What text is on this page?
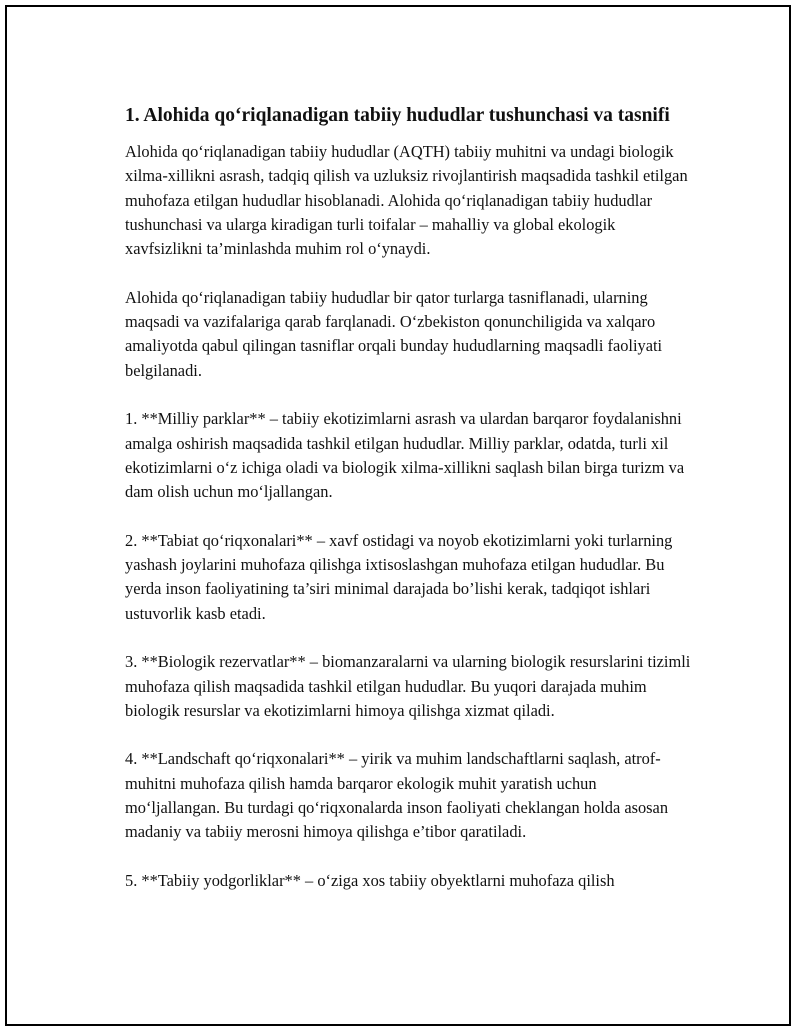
1. Alohida qo‘riqlanadigan tabiiy hududlar tushunchasi va tasnifi

Alohida qo‘riqlanadigan tabiiy hududlar (AQTH) tabiiy muhitni va undagi biologik xilma-xillikni asrash, tadqiq qilish va uzluksiz rivojlantirish maqsadida tashkil etilgan muhofaza etilgan hududlar hisoblanadi. Alohida qo‘riqlanadigan tabiiy hududlar tushunchasi va ularga kiradigan turli toifalar – mahalliy va global ekologik xavfsizlikni ta’minlashda muhim rol o‘ynaydi.

Alohida qo‘riqlanadigan tabiiy hududlar bir qator turlarga tasniflanadi, ularning maqsadi va vazifalariga qarab farqlanadi. O‘zbekiston qonunchiligida va xalqaro amaliyotda qabul qilingan tasniflar orqali bunday hududlarning maqsadli faoliyati belgilanadi.

1. **Milliy parklar** – tabiiy ekotizimlarni asrash va ulardan barqaror foydalanishni amalga oshirish maqsadida tashkil etilgan hududlar. Milliy parklar, odatda, turli xil ekotizimlarni o‘z ichiga oladi va biologik xilma-xillikni saqlash bilan birga turizm va dam olish uchun mo‘ljallangan.

2. **Tabiat qo‘riqxonalari** – xavf ostidagi va noyob ekotizimlarni yoki turlarning yashash joylarini muhofaza qilishga ixtisoslashgan muhofaza etilgan hududlar. Bu yerda inson faoliyatining ta’siri minimal darajada bo’lishi kerak, tadqiqot ishlari ustuvorlik kasb etadi.

3. **Biologik rezervatlar** – biomanzaralarni va ularning biologik resurslarini tizimli muhofaza qilish maqsadida tashkil etilgan hududlar. Bu yuqori darajada muhim biologik resurslar va ekotizimlarni himoya qilishga xizmat qiladi.

4. **Landschaft qo‘riqxonalari** – yirik va muhim landschaftlarni saqlash, atrof-muhitni muhofaza qilish hamda barqaror ekologik muhit yaratish uchun mo‘ljallangan. Bu turdagi qo‘riqxonalarda inson faoliyati cheklangan holda asosan madaniy va tabiiy merosni himoya qilishga e’tibor qaratiladi.

5. **Tabiiy yodgorliklar** – o‘ziga xos tabiiy obyektlarni muhofaza qilish
